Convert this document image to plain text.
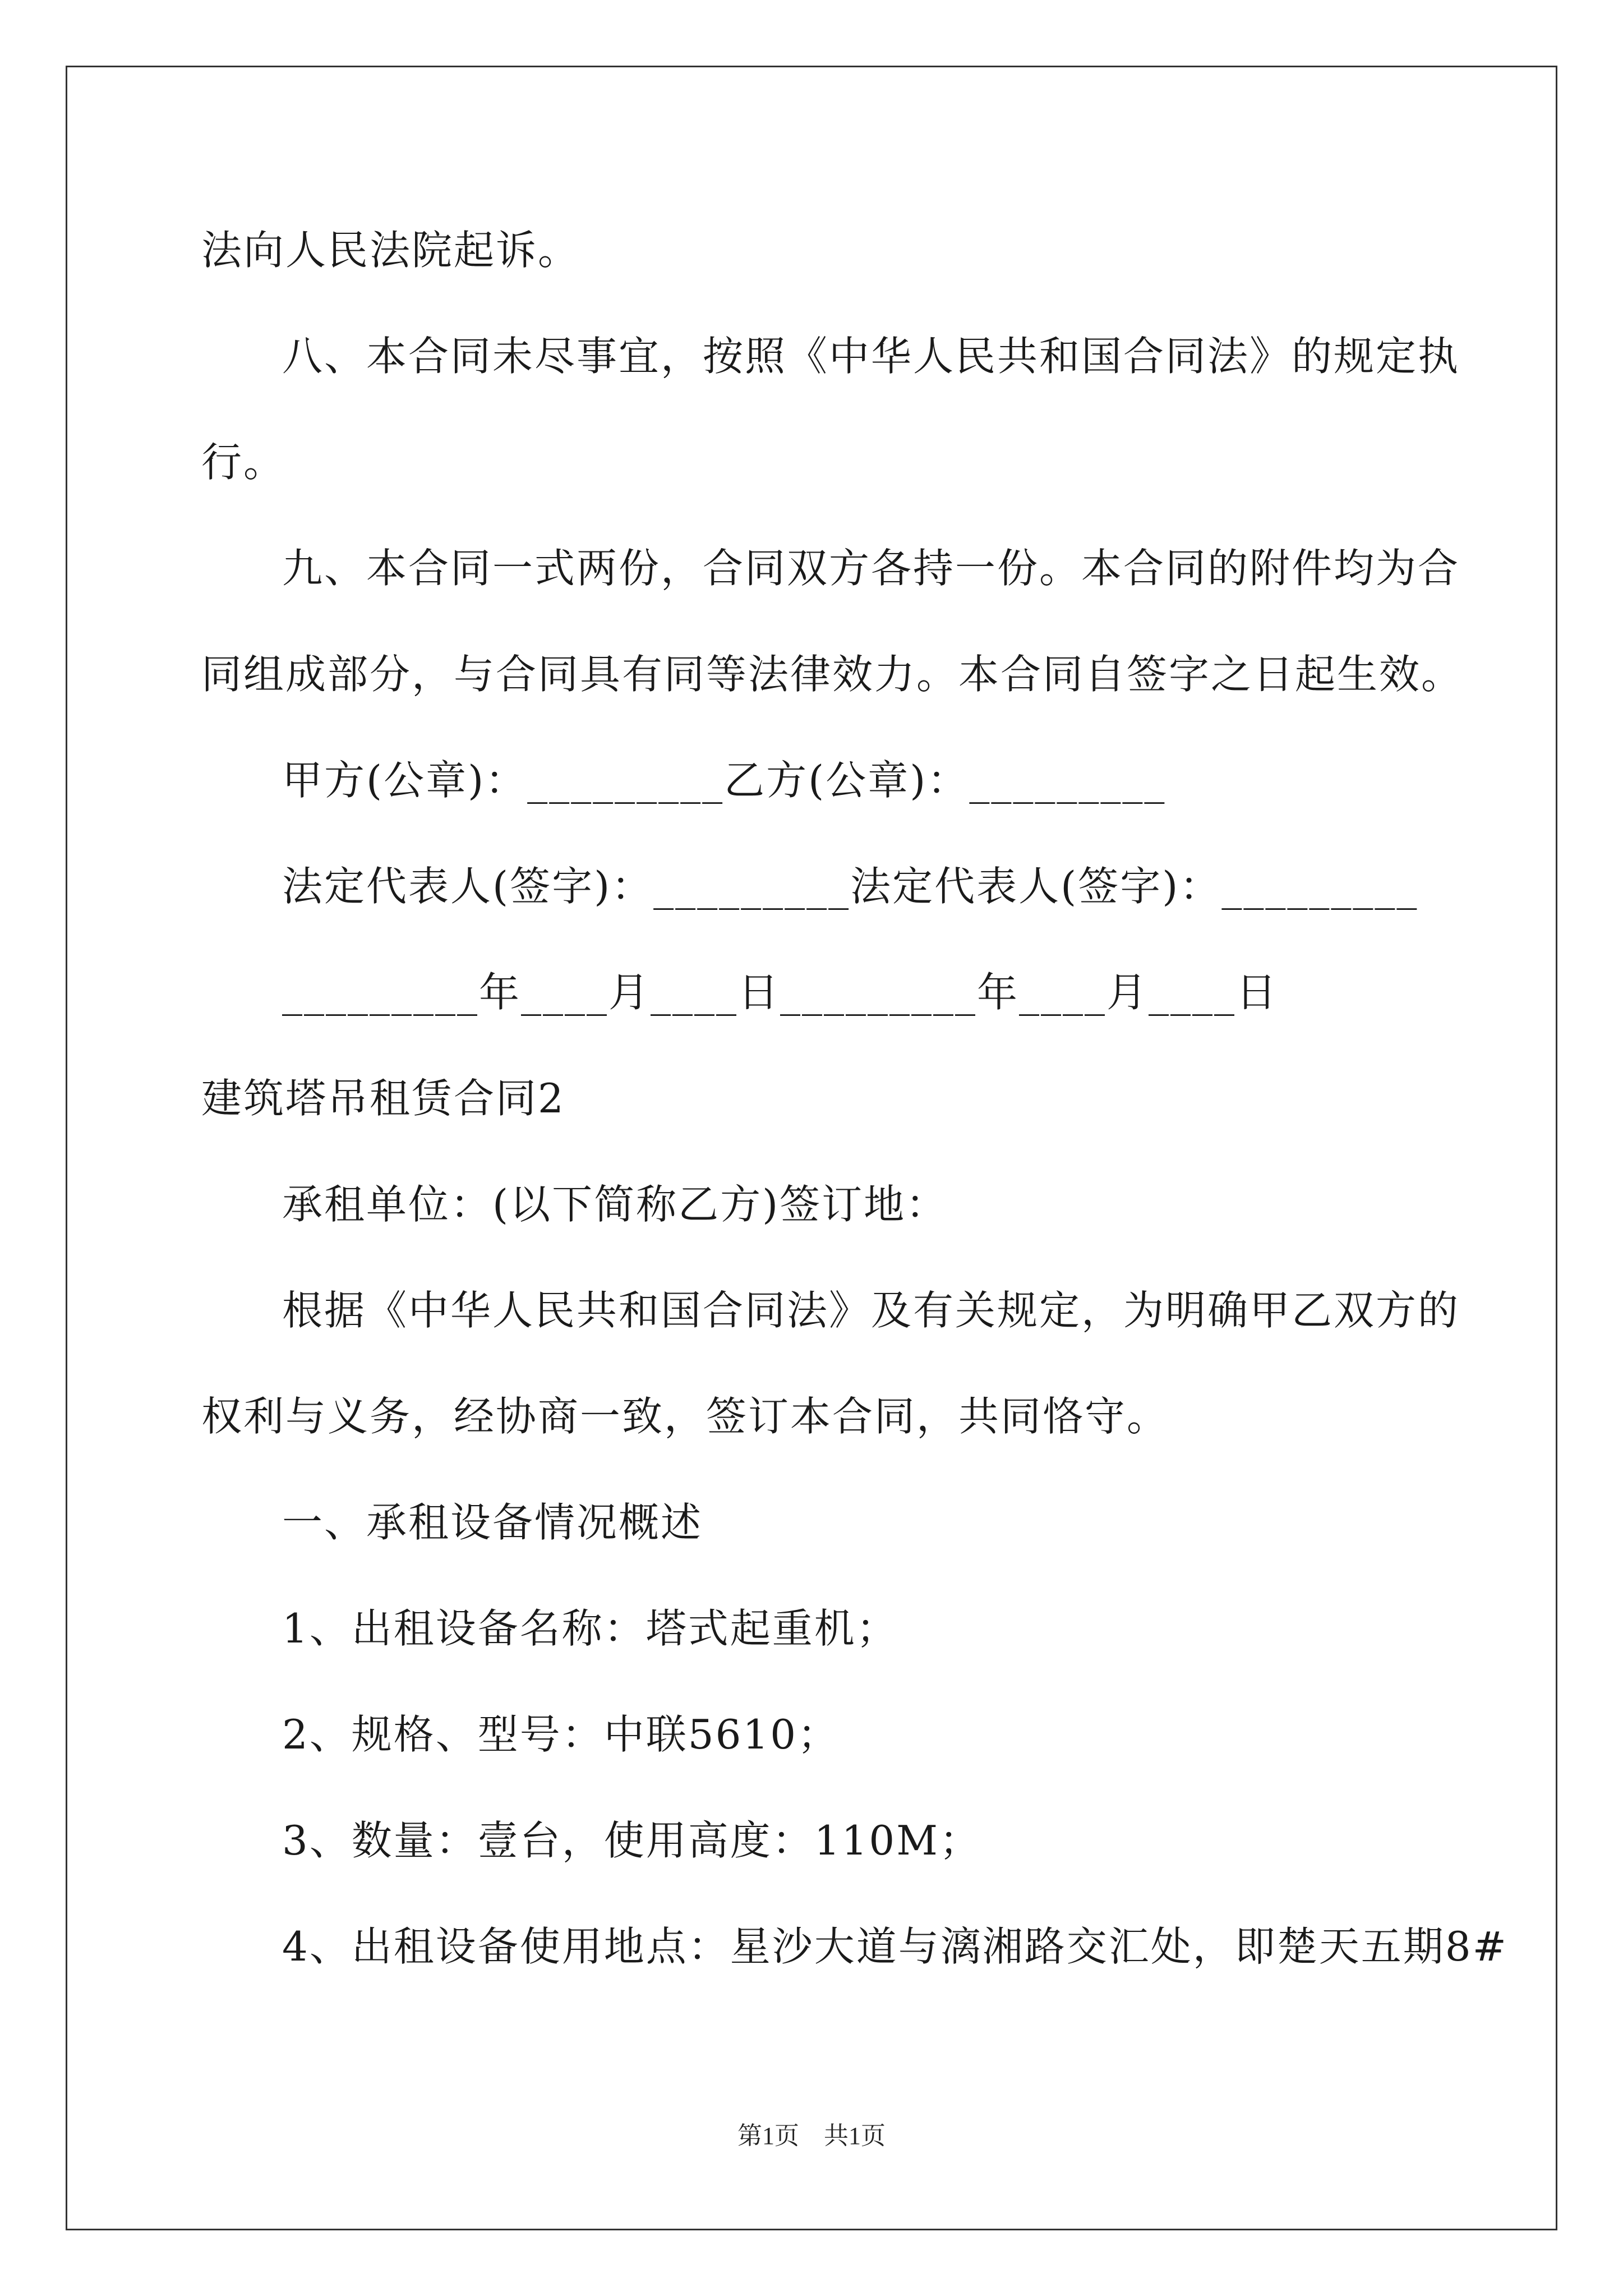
法向人民法院起诉。
八、本合同未尽事宜，按照《中华人民共和国合同法》的规定执
行。
九、本合同一式两份，合同双方各持一份。本合同的附件均为合
同组成部分，与合同具有同等法律效力。本合同自签字之日起生效。
甲方(公章)：_________乙方(公章)：_________
法定代表人(签字)：_________法定代表人(签字)：_________
_________年____月____日_________年____月____日
建筑塔吊租赁合同2
承租单位：(以下简称乙方)签订地：
根据《中华人民共和国合同法》及有关规定，为明确甲乙双方的
权利与义务，经协商一致，签订本合同，共同恪守。
一、承租设备情况概述
1、出租设备名称：塔式起重机；
2、规格、型号：中联5610；
3、数量：壹台，使用高度：110M；
4、出租设备使用地点：星沙大道与漓湘路交汇处，即楚天五期8#
第1页　共1页
